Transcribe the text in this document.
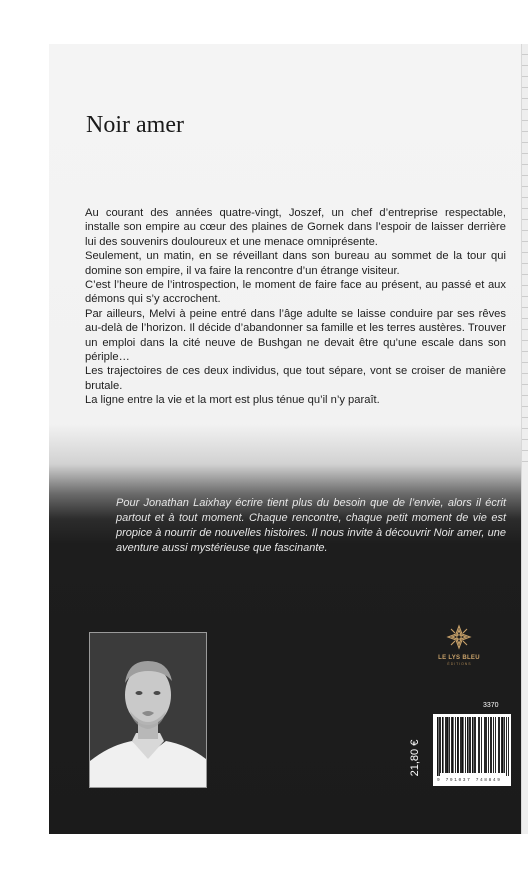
Noir amer

Au courant des années quatre-vingt, Joszef, un chef d’entreprise respectable, installe son empire au cœur des plaines de Gornek dans l’espoir de laisser derrière lui des souvenirs douloureux et une menace omniprésente.

Seulement, un matin, en se réveillant dans son bureau au sommet de la tour qui domine son empire, il va faire la rencontre d’un étrange visiteur.

C’est l’heure de l’introspection, le moment de faire face au présent, au passé et aux démons qui s’y accrochent.

Par ailleurs, Melvi à peine entré dans l’âge adulte se laisse conduire par ses rêves au-delà de l’horizon. Il décide d’abandonner sa famille et les terres austères. Trouver un emploi dans la cité neuve de Bushgan ne devait être qu’une escale dans son périple…

Les trajectoires de ces deux individus, que tout sépare, vont se croiser de manière brutale.

La ligne entre la vie et la mort est plus ténue qu’il n’y paraît.

Pour Jonathan Laixhay écrire tient plus du besoin que de l’envie, alors il écrit partout et à tout moment. Chaque rencontre, chaque petit moment de vie est propice à nourrir de nouvelles histoires. Il nous invite à découvrir Noir amer, une aventure aussi mystérieuse que fascinante.

LE LYS BLEU
É D I T I O N S
3370
21,80 €
9 791037 748849
